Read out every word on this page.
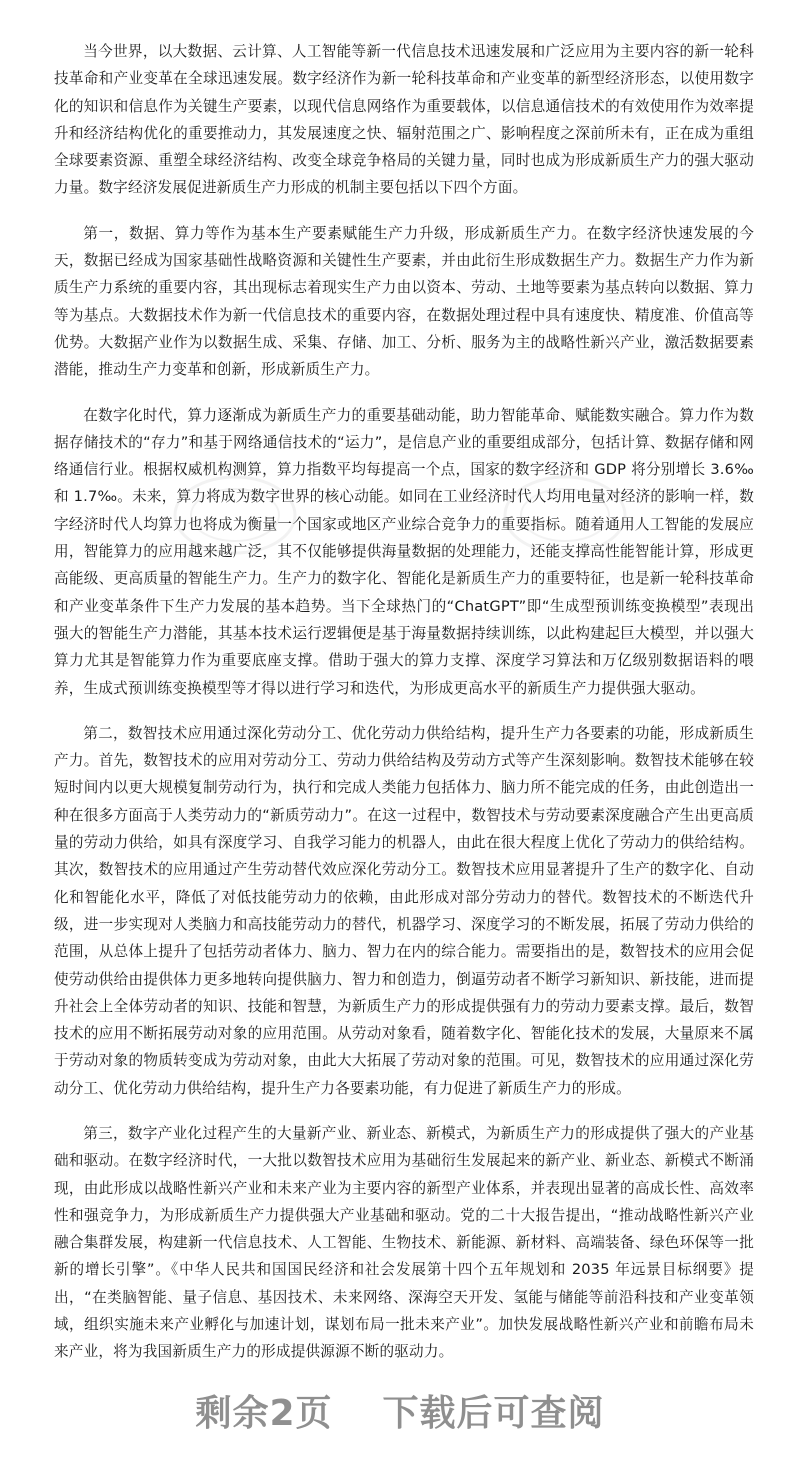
当今世界，以大数据、云计算、人工智能等新一代信息技术迅速发展和广泛应用为主要内容的新一轮科技革命和产业变革在全球迅速发展。数字经济作为新一轮科技革命和产业变革的新型经济形态，以使用数字化的知识和信息作为关键生产要素，以现代信息网络作为重要载体，以信息通信技术的有效使用作为效率提升和经济结构优化的重要推动力，其发展速度之快、辐射范围之广、影响程度之深前所未有，正在成为重组全球要素资源、重塑全球经济结构、改变全球竞争格局的关键力量，同时也成为形成新质生产力的强大驱动力量。数字经济发展促进新质生产力形成的机制主要包括以下四个方面。

第一，数据、算力等作为基本生产要素赋能生产力升级，形成新质生产力。在数字经济快速发展的今天，数据已经成为国家基础性战略资源和关键性生产要素，并由此衍生形成数据生产力。数据生产力作为新质生产力系统的重要内容，其出现标志着现实生产力由以资本、劳动、土地等要素为基点转向以数据、算力等为基点。大数据技术作为新一代信息技术的重要内容，在数据处理过程中具有速度快、精度准、价值高等优势。大数据产业作为以数据生成、采集、存储、加工、分析、服务为主的战略性新兴产业，激活数据要素潜能，推动生产力变革和创新，形成新质生产力。

在数字化时代，算力逐渐成为新质生产力的重要基础动能，助力智能革命、赋能数实融合。算力作为数据存储技术的“存力”和基于网络通信技术的“运力”，是信息产业的重要组成部分，包括计算、数据存储和网络通信行业。根据权威机构测算，算力指数平均每提高一个点，国家的数字经济和 GDP 将分别增长 3.6‰和 1.7‰。未来，算力将成为数字世界的核心动能。如同在工业经济时代人均用电量对经济的影响一样，数字经济时代人均算力也将成为衡量一个国家或地区产业综合竞争力的重要指标。随着通用人工智能的发展应用，智能算力的应用越来越广泛，其不仅能够提供海量数据的处理能力，还能支撑高性能智能计算，形成更高能级、更高质量的智能生产力。生产力的数字化、智能化是新质生产力的重要特征，也是新一轮科技革命和产业变革条件下生产力发展的基本趋势。当下全球热门的“ChatGPT”即“生成型预训练变换模型”表现出强大的智能生产力潜能，其基本技术运行逻辑便是基于海量数据持续训练，以此构建起巨大模型，并以强大算力尤其是智能算力作为重要底座支撑。借助于强大的算力支撑、深度学习算法和万亿级别数据语料的喂养，生成式预训练变换模型等才得以进行学习和迭代，为形成更高水平的新质生产力提供强大驱动。

第二，数智技术应用通过深化劳动分工、优化劳动力供给结构，提升生产力各要素的功能，形成新质生产力。首先，数智技术的应用对劳动分工、劳动力供给结构及劳动方式等产生深刻影响。数智技术能够在较短时间内以更大规模复制劳动行为，执行和完成人类能力包括体力、脑力所不能完成的任务，由此创造出一种在很多方面高于人类劳动力的“新质劳动力”。在这一过程中，数智技术与劳动要素深度融合产生出更高质量的劳动力供给，如具有深度学习、自我学习能力的机器人，由此在很大程度上优化了劳动力的供给结构。其次，数智技术的应用通过产生劳动替代效应深化劳动分工。数智技术应用显著提升了生产的数字化、自动化和智能化水平，降低了对低技能劳动力的依赖，由此形成对部分劳动力的替代。数智技术的不断迭代升级，进一步实现对人类脑力和高技能劳动力的替代，机器学习、深度学习的不断发展，拓展了劳动力供给的范围，从总体上提升了包括劳动者体力、脑力、智力在内的综合能力。需要指出的是，数智技术的应用会促使劳动供给由提供体力更多地转向提供脑力、智力和创造力，倒逼劳动者不断学习新知识、新技能，进而提升社会上全体劳动者的知识、技能和智慧，为新质生产力的形成提供强有力的劳动力要素支撑。最后，数智技术的应用不断拓展劳动对象的应用范围。从劳动对象看，随着数字化、智能化技术的发展，大量原来不属于劳动对象的物质转变成为劳动对象，由此大大拓展了劳动对象的范围。可见，数智技术的应用通过深化劳动分工、优化劳动力供给结构，提升生产力各要素功能，有力促进了新质生产力的形成。

第三，数字产业化过程产生的大量新产业、新业态、新模式，为新质生产力的形成提供了强大的产业基础和驱动。在数字经济时代，一大批以数智技术应用为基础衍生发展起来的新产业、新业态、新模式不断涌现，由此形成以战略性新兴产业和未来产业为主要内容的新型产业体系，并表现出显著的高成长性、高效率性和强竞争力，为形成新质生产力提供强大产业基础和驱动。党的二十大报告提出，“推动战略性新兴产业融合集群发展，构建新一代信息技术、人工智能、生物技术、新能源、新材料、高端装备、绿色环保等一批新的增长引擎”。《中华人民共和国国民经济和社会发展第十四个五年规划和 2035 年远景目标纲要》提出，“在类脑智能、量子信息、基因技术、未来网络、深海空天开发、氢能与储能等前沿科技和产业变革领域，组织实施未来产业孵化与加速计划，谋划布局一批未来产业”。加快发展战略性新兴产业和前瞻布局未来产业，将为我国新质生产力的形成提供源源不断的驱动力。

剩余2页 下载后可查阅
